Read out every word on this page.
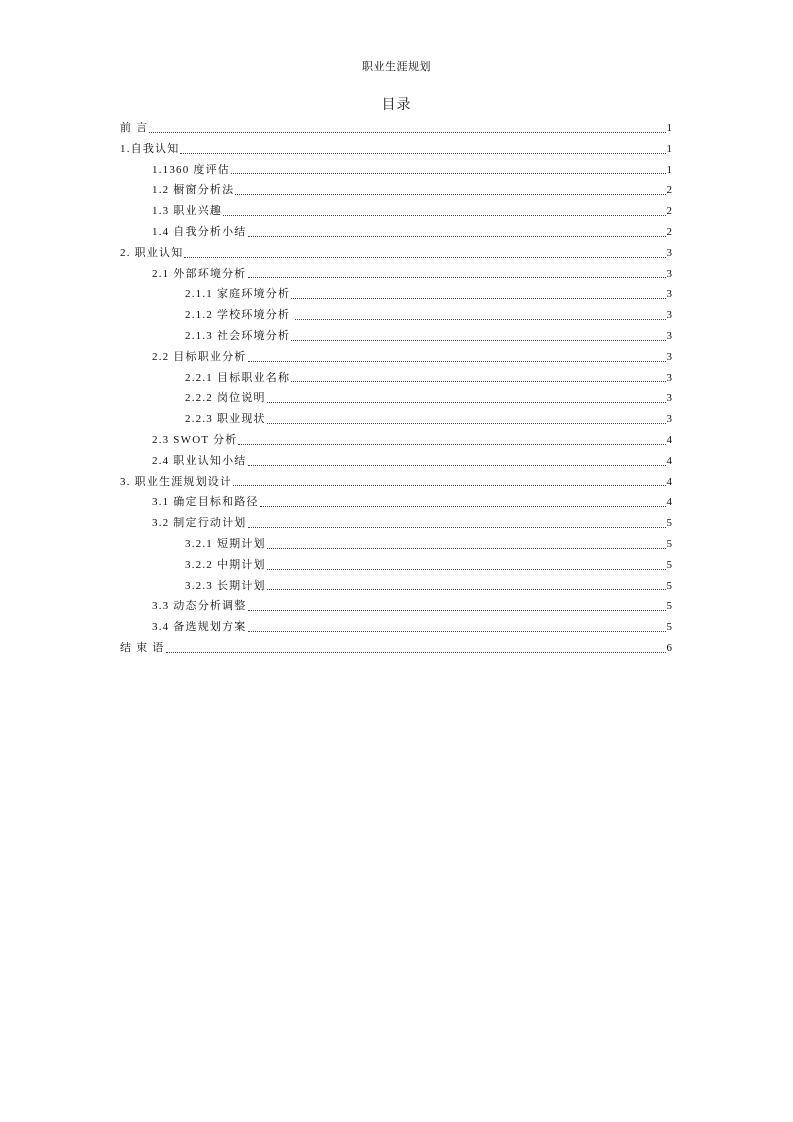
职业生涯规划
目录
前 言	1
1.自我认知	1
1.1360 度评估	1
1.2 橱窗分析法	2
1.3 职业兴趣	2
1.4 自我分析小结	2
2. 职业认知	3
2.1 外部环境分析	3
2.1.1 家庭环境分析	3
2.1.2 学校环境分析	3
2.1.3 社会环境分析	3
2.2 目标职业分析	3
2.2.1 目标职业名称	3
2.2.2 岗位说明	3
2.2.3 职业现状	3
2.3 SWOT 分析	4
2.4 职业认知小结	4
3. 职业生涯规划设计	4
3.1 确定目标和路径	4
3.2 制定行动计划	5
3.2.1 短期计划	5
3.2.2 中期计划	5
3.2.3 长期计划	5
3.3 动态分析调整	5
3.4 备选规划方案	5
结 束 语	6
